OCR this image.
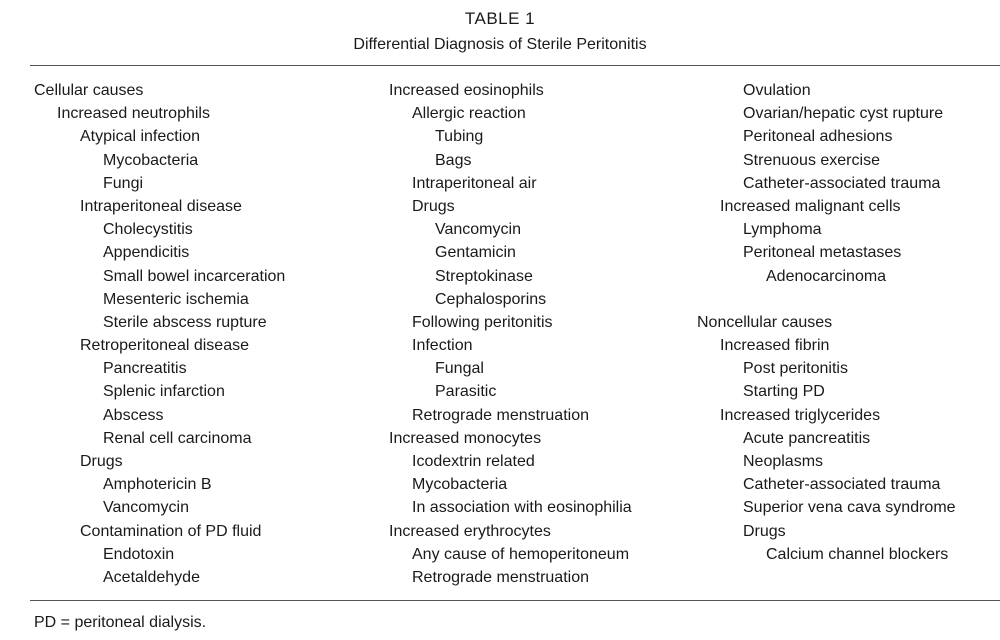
TABLE 1
Differential Diagnosis of Sterile Peritonitis
Cellular causes
Increased neutrophils
Atypical infection
Mycobacteria
Fungi
Intraperitoneal disease
Cholecystitis
Appendicitis
Small bowel incarceration
Mesenteric ischemia
Sterile abscess rupture
Retroperitoneal disease
Pancreatitis
Splenic infarction
Abscess
Renal cell carcinoma
Drugs
Amphotericin B
Vancomycin
Contamination of PD fluid
Endotoxin
Acetaldehyde
Increased eosinophils
Allergic reaction
Tubing
Bags
Intraperitoneal air
Drugs
Vancomycin
Gentamicin
Streptokinase
Cephalosporins
Following peritonitis
Infection
Fungal
Parasitic
Retrograde menstruation
Increased monocytes
Icodextrin related
Mycobacteria
In association with eosinophilia
Increased erythrocytes
Any cause of hemoperitoneum
Retrograde menstruation
Ovulation
Ovarian/hepatic cyst rupture
Peritoneal adhesions
Strenuous exercise
Catheter-associated trauma
Increased malignant cells
Lymphoma
Peritoneal metastases
Adenocarcinoma
Noncellular causes
Increased fibrin
Post peritonitis
Starting PD
Increased triglycerides
Acute pancreatitis
Neoplasms
Catheter-associated trauma
Superior vena cava syndrome
Drugs
Calcium channel blockers
PD = peritoneal dialysis.
